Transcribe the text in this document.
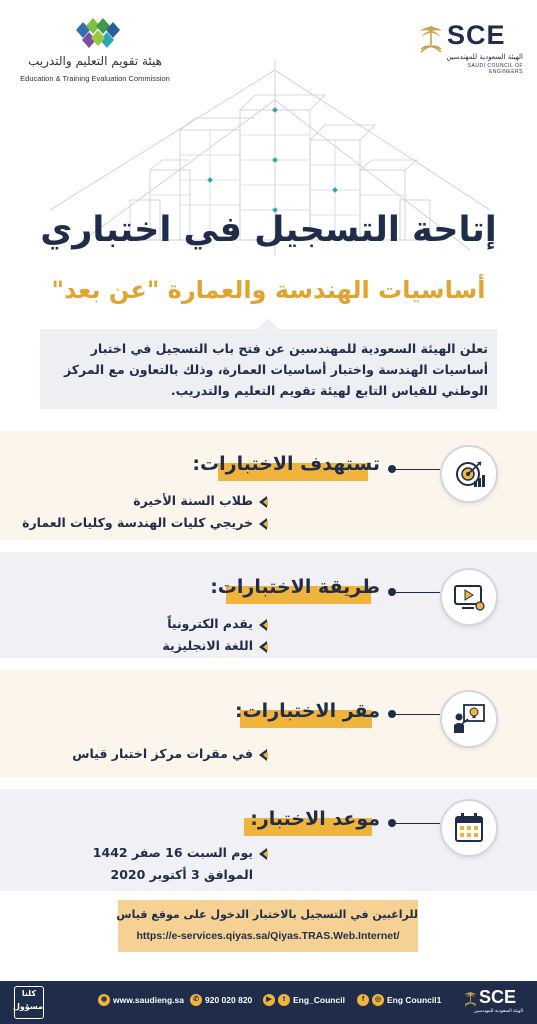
هيئة تقويم التعليم والتدريب
Education & Training Evaluation Commission
SCE
الهيئة السعودية للمهندسين
SAUDI COUNCIL OF ENGINEERS
إتاحة التسجيل في اختباري
أساسيات الهندسة والعمارة "عن بعد"
تعلن الهيئة السعودية للمهندسين عن فتح باب التسجيل في اختبار أساسيات الهندسة واختبار أساسيات العمارة، وذلك بالتعاون مع المركز الوطني للقياس التابع لهيئة تقويم التعليم والتدريب.
تستهدف الاختبارات:
طلاب السنة الأخيرة
خريجي كليات الهندسة وكليات العمارة
طريقة الاختبارات:
يقدم الكترونياً
اللغة الانجليزية
مقر الاختبارات:
في مقرات مركز اختبار قياس
موعد الاختبار:
يوم السبت 16 صفر 1442
الموافق 3 أكتوبر 2020
للراغبين في التسجيل بالاختبار الدخول على موقع قياس
https://e-services.qiyas.sa/Qiyas.TRAS.Web.Internet/
كلنا
مسؤول
◉ www.saudieng.sa	✆ 920 020 820	▶	t Eng_Council	f	◎ Eng Council1 SCE
الهيئة السعودية للمهندسين
